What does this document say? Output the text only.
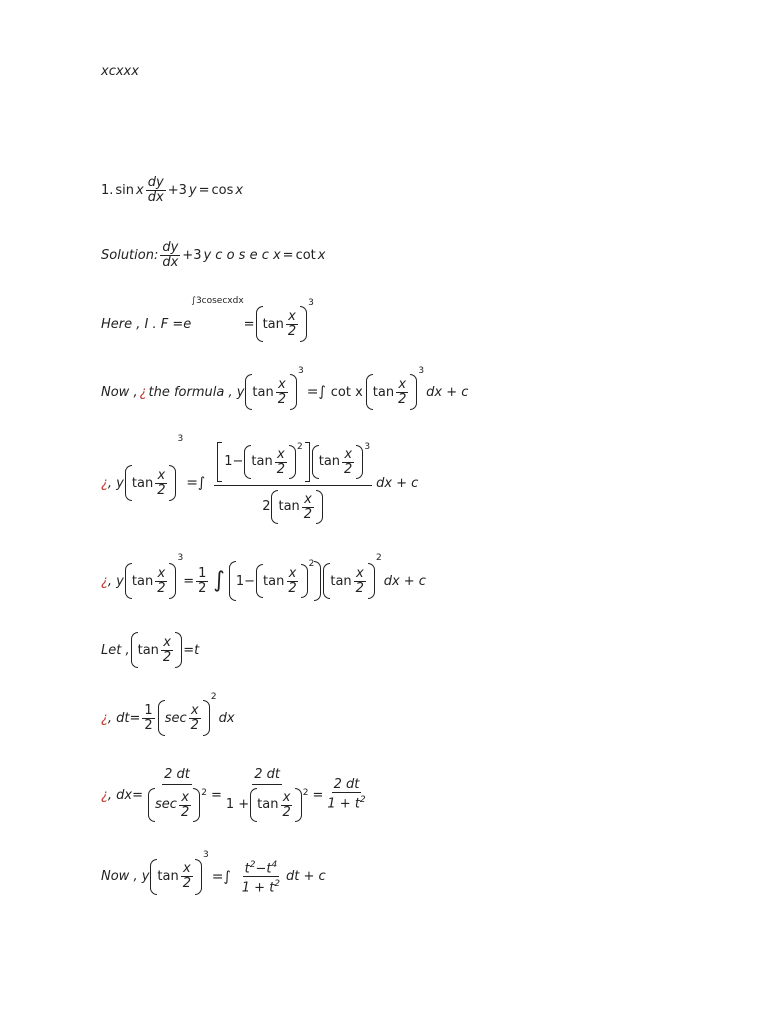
xcxxx
1. sin x $\frac{dy}{dx} +3$ y = cos x
Solution: $\frac{dy}{dx} +3$ y c o s e c x = cot x
Here , I . F =e
∫3cosecxdx
= $\tan \frac{x}{2}$
3
Now , ¿ the formula , y $\tan \frac{x}{2}$
3
=∫ cot x $\tan \frac{x}{2}$
3
dx + c
¿ , y $\tan \frac{x}{2}$
3
=∫
$1- \tan \frac{x}{2}$
2
$\tan \frac{x}{2}$
3
2 $\tan \frac{x}{2}$
dx + c
¿ , y $\tan \frac{x}{2}$
3
= $\frac{1}{2}$ ∫ $1- \tan \frac{x}{2}$
2
$\tan \frac{x}{2}$
2
dx + c
Let , $\tan \frac{x}{2} =t$
¿ , $dt= \frac{1}{2}$ $\sec \frac{x}{2}$
2
dx
¿ , $dx= \frac{2 dt}{\sec \frac{x}{2} 2} = \frac{2 dt}{1 + \tan \frac{x}{2} 2} = \frac{2 dt}{1 + t^2}$
Now , y $\tan \frac{x}{2}$
3
=∫ $\frac{t^2-t^4}{1 + t^2}$ dt + c
